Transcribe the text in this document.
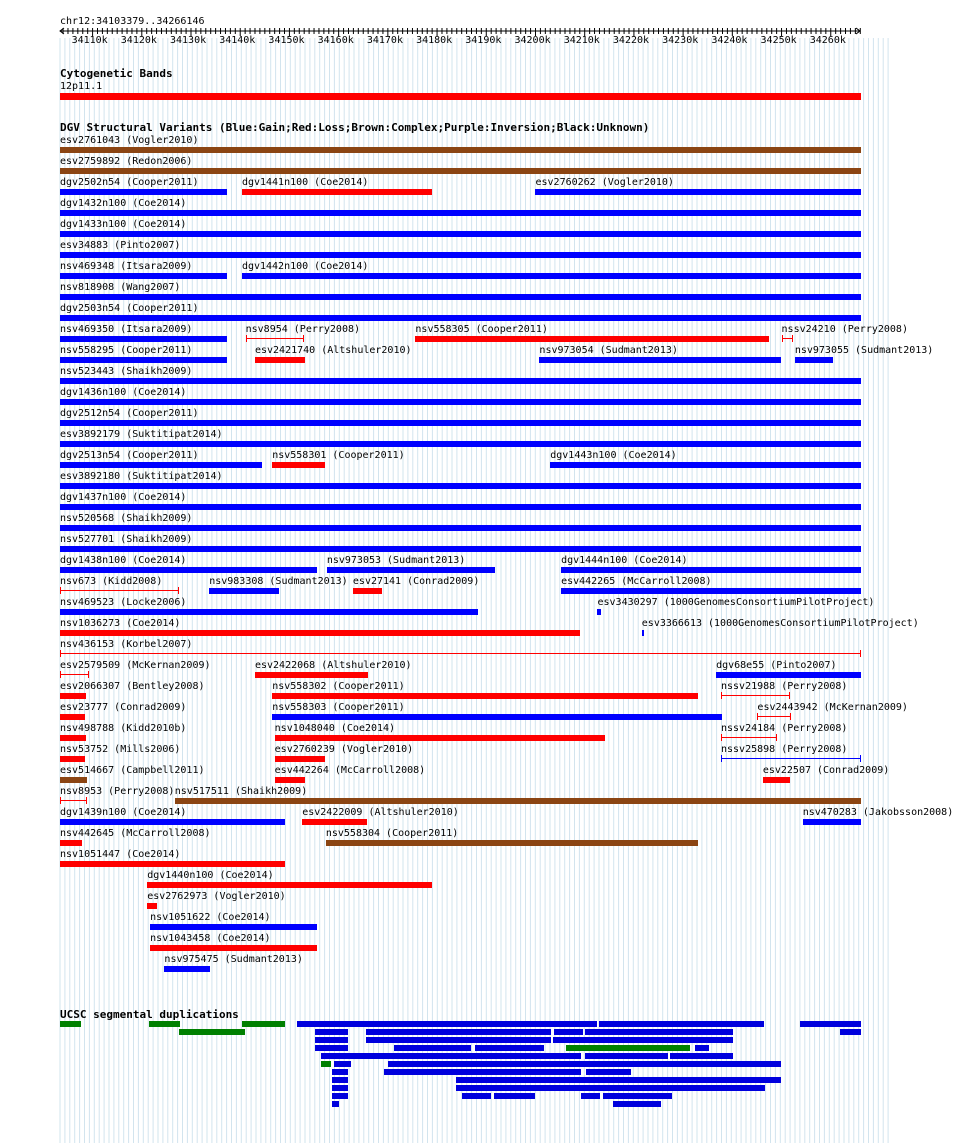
chr12:34103379..34266146
34110k 34120k 34130k 34140k 34150k 34160k 34170k 34180k 34190k 34200k 34210k 34220k 34230k 34240k 34250k 34260k
Cytogenetic Bands
12p11.1
DGV Structural Variants (Blue:Gain;Red:Loss;Brown:Complex;Purple:Inversion;Black:Unknown)
esv2761043 (Vogler2010)
esv2759892 (Redon2006)
dgv2502n54 (Cooper2011)	dgv1441n100 (Coe2014)	esv2760262 (Vogler2010)
dgv1432n100 (Coe2014)
dgv1433n100 (Coe2014)
esv34883 (Pinto2007)
nsv469348 (Itsara2009)	dgv1442n100 (Coe2014)
nsv818908 (Wang2007)
dgv2503n54 (Cooper2011)
nsv469350 (Itsara2009)	nsv8954 (Perry2008)	nsv558305 (Cooper2011)	nssv24210 (Perry2008)
nsv558295 (Cooper2011)	esv2421740 (Altshuler2010)	nsv973054 (Sudmant2013)	nsv973055 (Sudmant2013)
nsv523443 (Shaikh2009)
dgv1436n100 (Coe2014)
dgv2512n54 (Cooper2011)
esv3892179 (Suktitipat2014)
dgv2513n54 (Cooper2011)	nsv558301 (Cooper2011)	dgv1443n100 (Coe2014)
esv3892180 (Suktitipat2014)
dgv1437n100 (Coe2014)
nsv520568 (Shaikh2009)
nsv527701 (Shaikh2009)
dgv1438n100 (Coe2014)	nsv973053 (Sudmant2013)	dgv1444n100 (Coe2014)
nsv673 (Kidd2008)	nsv983308 (Sudmant2013) esv27141 (Conrad2009)	esv442265 (McCarroll2008)
nsv469523 (Locke2006)	esv3430297 (1000GenomesConsortiumPilotProject)
nsv1036273 (Coe2014)	esv3366613 (1000GenomesConsortiumPilotProject)
nsv436153 (Korbel2007)
esv2579509 (McKernan2009)	esv2422068 (Altshuler2010)	dgv68e55 (Pinto2007)
esv2066307 (Bentley2008)	nsv558302 (Cooper2011)	nssv21988 (Perry2008)
esv23777 (Conrad2009)	nsv558303 (Cooper2011)	esv2443942 (McKernan2009)
nsv498788 (Kidd2010b)	nsv1048040 (Coe2014)	nssv24184 (Perry2008)
nsv53752 (Mills2006)	esv2760239 (Vogler2010)	nssv25898 (Perry2008)
esv514667 (Campbell2011)	esv442264 (McCarroll2008)	esv22507 (Conrad2009)
nsv8953 (Perry2008) nsv517511 (Shaikh2009)
dgv1439n100 (Coe2014)	esv2422009 (Altshuler2010)	nsv470283 (Jakobsson2008)
nsv442645 (McCarroll2008)	nsv558304 (Cooper2011)
nsv1051447 (Coe2014)
dgv1440n100 (Coe2014)
esv2762973 (Vogler2010)
nsv1051622 (Coe2014)
nsv1043458 (Coe2014)
nsv975475 (Sudmant2013)
UCSC segmental duplications
